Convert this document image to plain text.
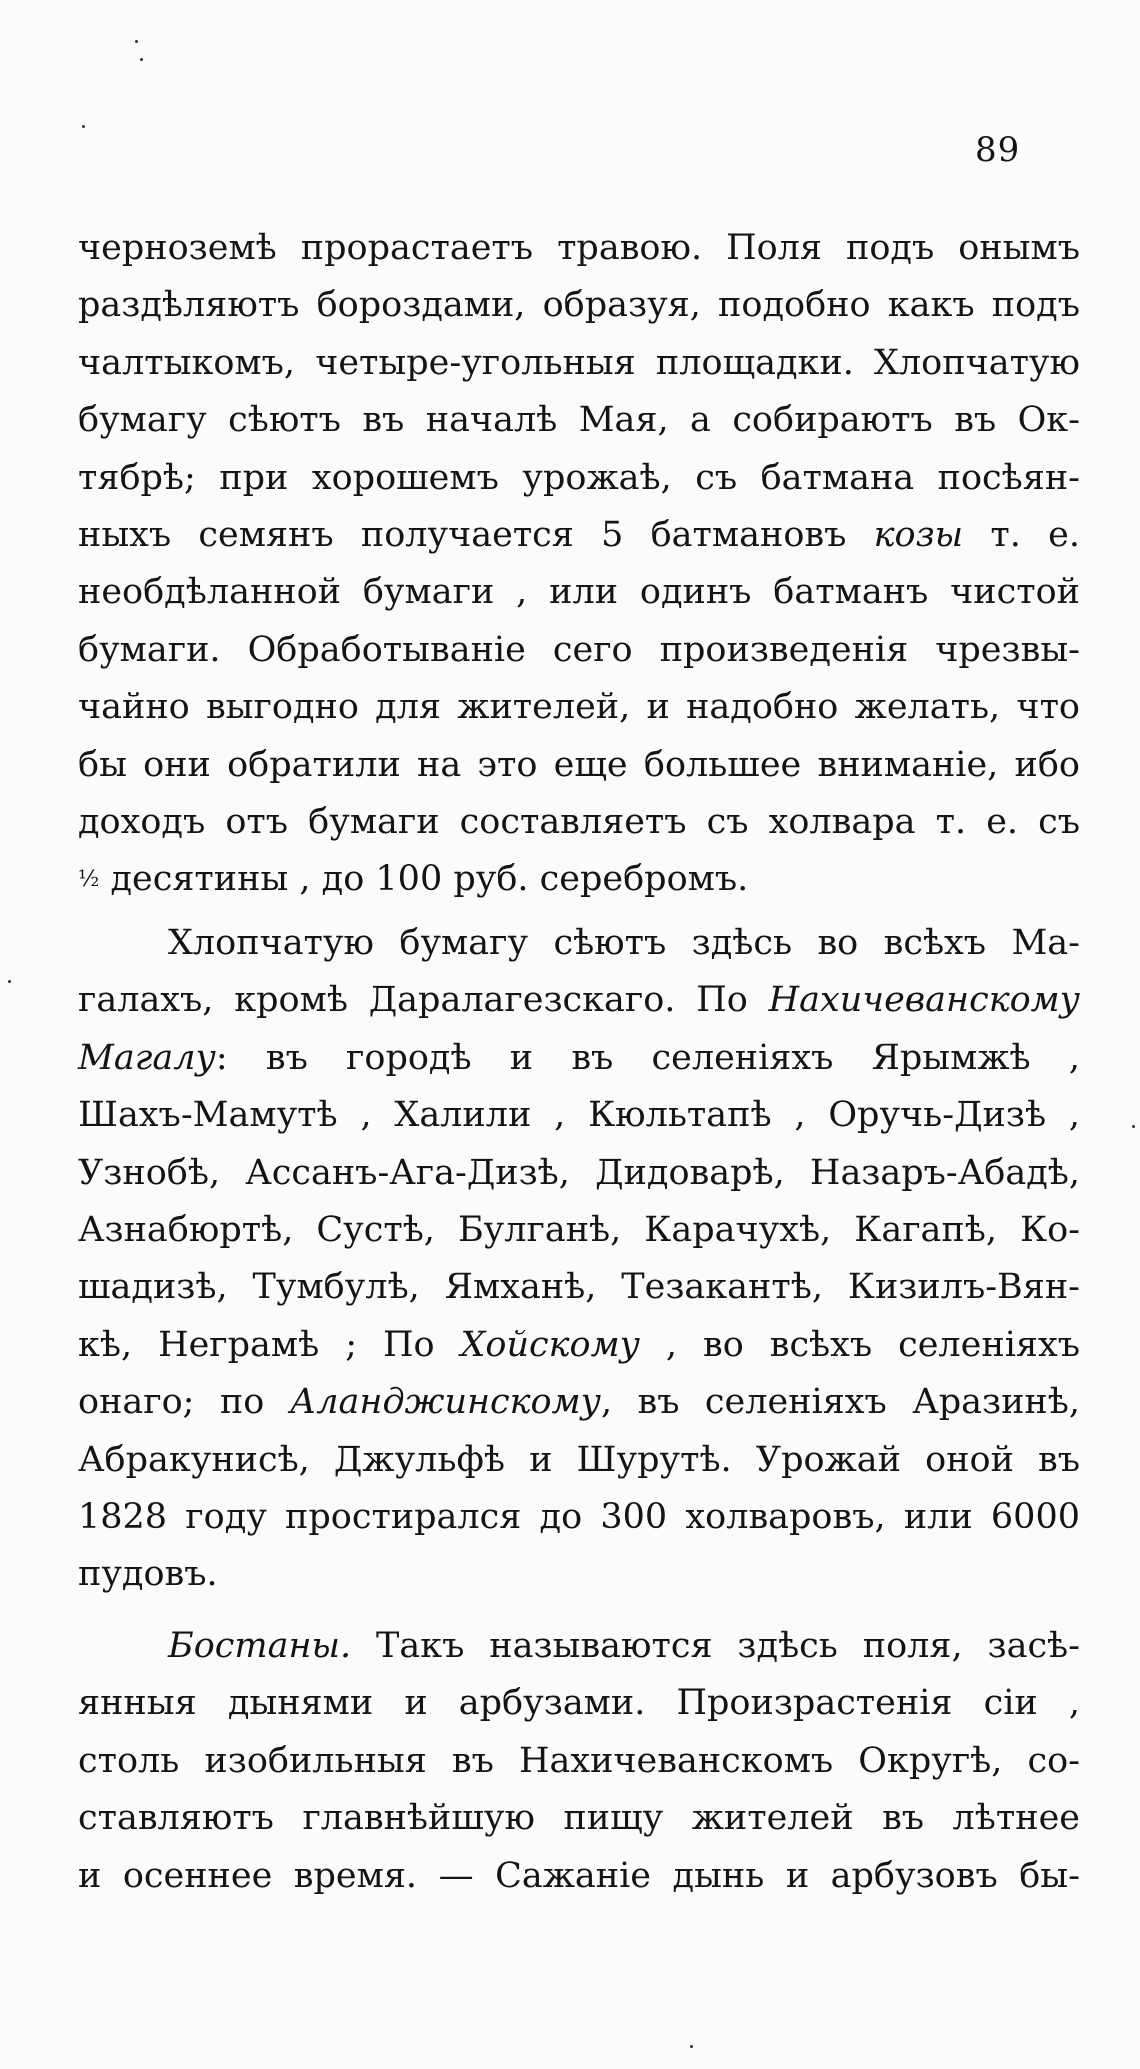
89
черноземѣ прорастаетъ травою. Поля подъ онымъ
раздѣляютъ бороздами, образуя, подобно какъ подъ
чалтыкомъ, четыре-угольныя площадки. Хлопчатую
бумагу сѣютъ въ началѣ Мая, а собираютъ въ Ок-
тябрѣ; при хорошемъ урожаѣ, съ батмана посѣян-
ныхъ семянъ получается 5 батмановъ козы т. е.
необдѣланной бумаги , или одинъ батманъ чистой
бумаги. Обработываніе сего произведенія чрезвы-
чайно выгодно для жителей, и надобно желать, что
бы они обратили на это еще большее вниманіе, ибо
доходъ отъ бумаги составляетъ съ холвара т. е. съ
½ десятины , до 100 руб. серебромъ.
Хлопчатую бумагу сѣютъ здѣсь во всѣхъ Ма-
галахъ, кромѣ Даралагезскаго. По Нахичеванскому
Магалу: въ городѣ и въ селеніяхъ Ярымжѣ ,
Шахъ-Мамутѣ , Халили , Кюльтапѣ , Оручь-Дизѣ ,
Узнобѣ, Ассанъ-Ага-Дизѣ, Дидоварѣ, Назаръ-Абадѣ,
Азнабюртѣ, Сустѣ, Булганѣ, Карачухѣ, Кагапѣ, Ко-
шадизѣ, Тумбулѣ, Ямханѣ, Тезакантѣ, Кизилъ-Вян-
кѣ, Неграмѣ ; По Хойскому , во всѣхъ селеніяхъ
онаго; по Аланджинскому, въ селеніяхъ Аразинѣ,
Абракунисѣ, Джульфѣ и Шурутѣ. Урожай оной въ
1828 году простирался до 300 холваровъ, или 6000
пудовъ.
Бостаны. Такъ называются здѣсь поля, засѣ-
янныя дынями и арбузами. Произрастенія сіи ,
столь изобильныя въ Нахичеванскомъ Округѣ, со-
ставляютъ главнѣйшую пищу жителей въ лѣтнее
и осеннее время. — Сажаніе дынь и арбузовъ бы-
